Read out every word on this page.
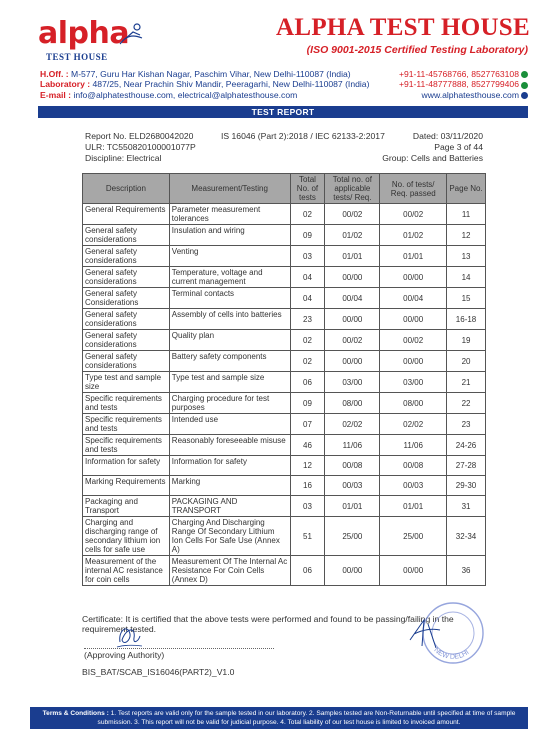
alpha
TEST HOUSE
ALPHA TEST HOUSE
(ISO 9001-2015 Certified Testing Laboratory)
H.Off. : M-577, Guru Har Kishan Nagar, Paschim Vihar, New Delhi-110087 (India)
Laboratory : 487/25, Near Prachin Shiv Mandir, Peeragarhi, New Delhi-110087 (India)
E-mail : info@alphatesthouse.com, electrical@alphatesthouse.com
+91-11-45768766, 8527763108
+91-11-48777888, 8527799406
www.alphatesthouse.com
TEST REPORT
Report No. ELD2680042020	IS 16046 (Part 2):2018 / IEC 62133-2:2017	Dated: 03/11/2020
ULR: TC550820100001077P	Page 3 of 44
Discipline: Electrical	Group: Cells and Batteries
Description	Measurement/Testing	Total No. of tests	Total no. of applicable tests/ Req.	No. of tests/ Req. passed	Page No.
General Requirements	Parameter measurement tolerances	02	00/02	00/02	11
General safety considerations	Insulation and wiring	09	01/02	01/02	12
General safety considerations	Venting	03	01/01	01/01	13
General safety considerations	Temperature, voltage and current management	04	00/00	00/00	14
General safety Considerations	Terminal contacts	04	00/04	00/04	15
General safety considerations	Assembly of cells into batteries	23	00/00	00/00	16-18
General safety considerations	Quality plan	02	00/02	00/02	19
General safety considerations	Battery safety components	02	00/00	00/00	20
Type test and sample size	Type test and sample size	06	03/00	03/00	21
Specific requirements and tests	Charging procedure for test purposes	09	08/00	08/00	22
Specific requirements and tests	Intended use	07	02/02	02/02	23
Specific requirements and tests	Reasonably foreseeable misuse	46	11/06	11/06	24-26
Information for safety	Information for safety	12	00/08	00/08	27-28
Marking Requirements	Marking	16	00/03	00/03	29-30
Packaging and Transport	PACKAGING AND TRANSPORT	03	01/01	01/01	31
Charging and discharging range of secondary lithium ion cells for safe use	Charging And Discharging Range Of Secondary Lithium Ion Cells For Safe Use (Annex A)	51	25/00	25/00	32-34
Measurement of the internal AC resistance for coin cells	Measurement Of The Internal Ac Resistance For Coin Cells (Annex D)	06	00/00	00/00	36
Certificate: It is certified that the above tests were performed and found to be passing/failing in the requirement tested.
(Approving Authority)
BIS_BAT/SCAB_IS16046(PART2)_V1.0
NEW DELHI
Terms & Conditions : 1. Test reports are valid only for the sample tested in our laboratory. 2. Samples tested are Non-Returnable until specified at time of sample submission. 3. This report will not be valid for judicial purpose. 4. Total liability of our test house is limited to invoiced amount.
